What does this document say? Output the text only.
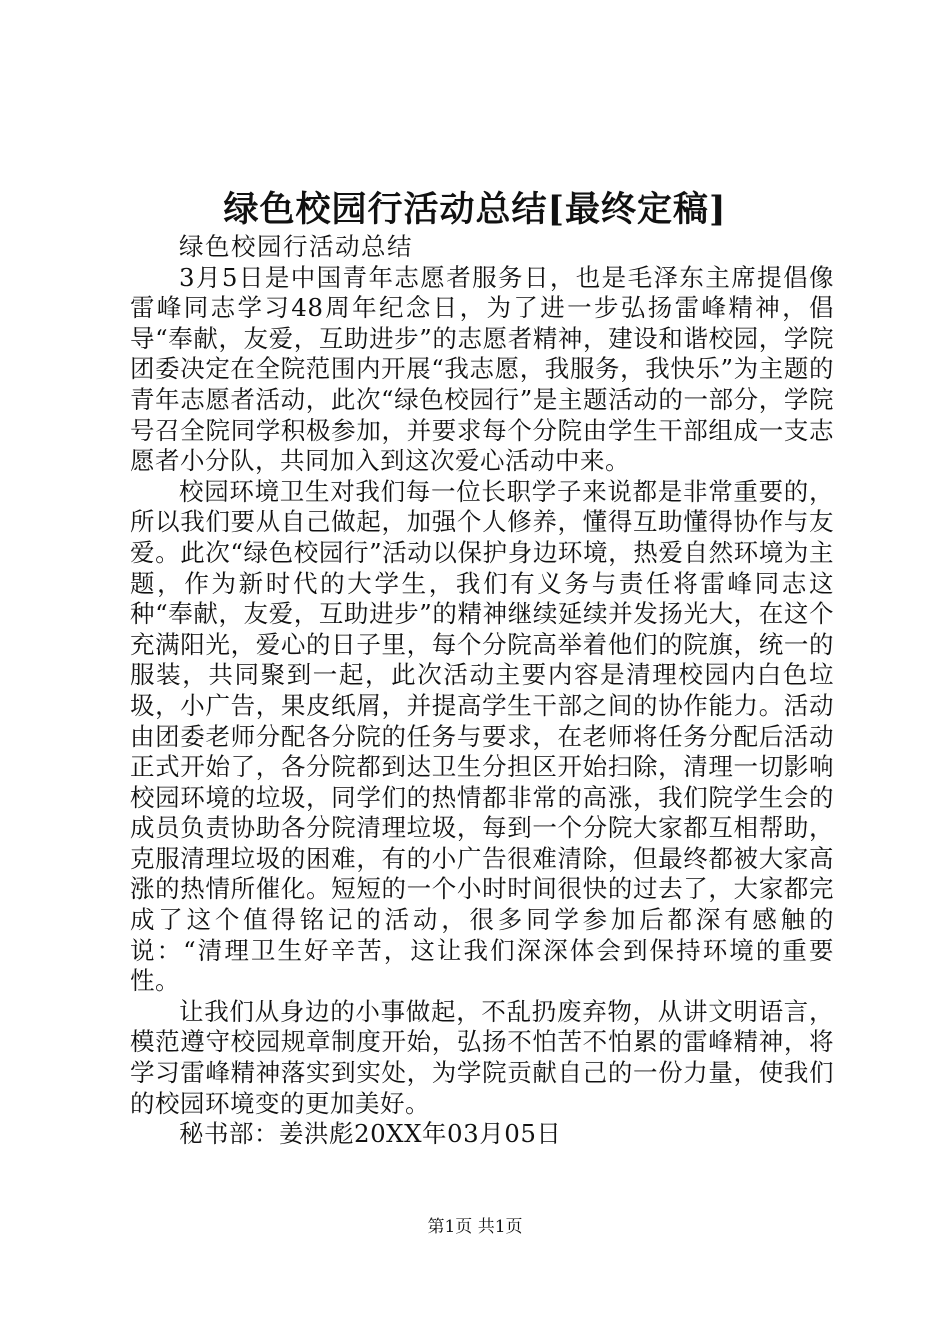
绿色校园行活动总结[最终定稿]
绿色校园行活动总结

3月5日是中国青年志愿者服务日，也是毛泽东主席提倡像雷峰同志学习48周年纪念日，为了进一步弘扬雷峰精神，倡导“奉献，友爱，互助进步”的志愿者精神，建设和谐校园，学院团委决定在全院范围内开展“我志愿，我服务，我快乐”为主题的青年志愿者活动，此次“绿色校园行”是主题活动的一部分，学院号召全院同学积极参加，并要求每个分院由学生干部组成一支志愿者小分队，共同加入到这次爱心活动中来。

校园环境卫生对我们每一位长职学子来说都是非常重要的，所以我们要从自己做起，加强个人修养，懂得互助懂得协作与友爱。此次“绿色校园行”活动以保护身边环境，热爱自然环境为主题，作为新时代的大学生，我们有义务与责任将雷峰同志这种“奉献，友爱，互助进步”的精神继续延续并发扬光大，在这个充满阳光，爱心的日子里，每个分院高举着他们的院旗，统一的服装，共同聚到一起，此次活动主要内容是清理校园内白色垃圾，小广告，果皮纸屑，并提高学生干部之间的协作能力。活动由团委老师分配各分院的任务与要求，在老师将任务分配后活动正式开始了，各分院都到达卫生分担区开始扫除，清理一切影响校园环境的垃圾，同学们的热情都非常的高涨，我们院学生会的成员负责协助各分院清理垃圾，每到一个分院大家都互相帮助，克服清理垃圾的困难，有的小广告很难清除，但最终都被大家高涨的热情所催化。短短的一个小时时间很快的过去了，大家都完成了这个值得铭记的活动，很多同学参加后都深有感触的说：“清理卫生好辛苦，这让我们深深体会到保持环境的重要性。

让我们从身边的小事做起，不乱扔废弃物，从讲文明语言，模范遵守校园规章制度开始，弘扬不怕苦不怕累的雷峰精神，将学习雷峰精神落实到实处，为学院贡献自己的一份力量，使我们的校园环境变的更加美好。

秘书部：姜洪彪20XX年03月05日

第1页 共1页
